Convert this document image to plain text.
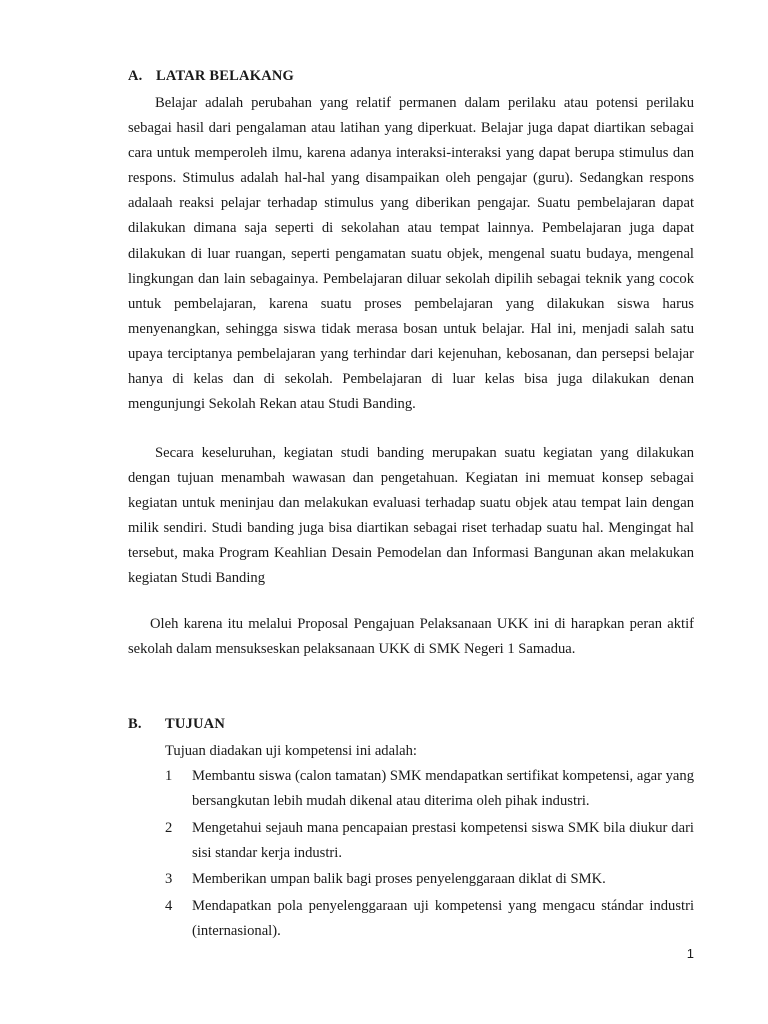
A. LATAR BELAKANG

Belajar adalah perubahan yang relatif permanen dalam perilaku atau potensi perilaku sebagai hasil dari pengalaman atau latihan yang diperkuat. Belajar juga dapat diartikan sebagai cara untuk memperoleh ilmu, karena adanya interaksi-interaksi yang dapat berupa stimulus dan respons. Stimulus adalah hal-hal yang disampaikan oleh pengajar (guru). Sedangkan respons adalaah reaksi pelajar terhadap stimulus yang diberikan pengajar. Suatu pembelajaran dapat dilakukan dimana saja seperti di sekolahan atau tempat lainnya. Pembelajaran juga dapat dilakukan di luar ruangan, seperti pengamatan suatu objek, mengenal suatu budaya, mengenal lingkungan dan lain sebagainya. Pembelajaran diluar sekolah dipilih sebagai teknik yang cocok untuk pembelajaran, karena suatu proses pembelajaran yang dilakukan siswa harus menyenangkan, sehingga siswa tidak merasa bosan untuk belajar. Hal ini, menjadi salah satu upaya terciptanya pembelajaran yang terhindar dari kejenuhan, kebosanan, dan persepsi belajar hanya di kelas dan di sekolah. Pembelajaran di luar kelas bisa juga dilakukan denan mengunjungi Sekolah Rekan atau Studi Banding.

Secara keseluruhan, kegiatan studi banding merupakan suatu kegiatan yang dilakukan dengan tujuan menambah wawasan dan pengetahuan. Kegiatan ini memuat konsep sebagai kegiatan untuk meninjau dan melakukan evaluasi terhadap suatu objek atau tempat lain dengan milik sendiri. Studi banding juga bisa diartikan sebagai riset terhadap suatu hal. Mengingat hal tersebut, maka Program Keahlian Desain Pemodelan dan Informasi Bangunan akan melakukan kegiatan Studi Banding

Oleh karena itu melalui Proposal Pengajuan Pelaksanaan UKK ini di harapkan peran aktif sekolah dalam mensukseskan pelaksanaan UKK di SMK Negeri 1 Samadua.

B. TUJUAN

Tujuan diadakan uji kompetensi ini adalah:

1 Membantu siswa (calon tamatan) SMK mendapatkan sertifikat kompetensi, agar yang bersangkutan lebih mudah dikenal atau diterima oleh pihak industri.
2 Mengetahui sejauh mana pencapaian prestasi kompetensi siswa SMK bila diukur dari sisi standar kerja industri.
3 Memberikan umpan balik bagi proses penyelenggaraan diklat di SMK.
4 Mendapatkan pola penyelenggaraan uji kompetensi yang mengacu stándar industri (internasional).
1
